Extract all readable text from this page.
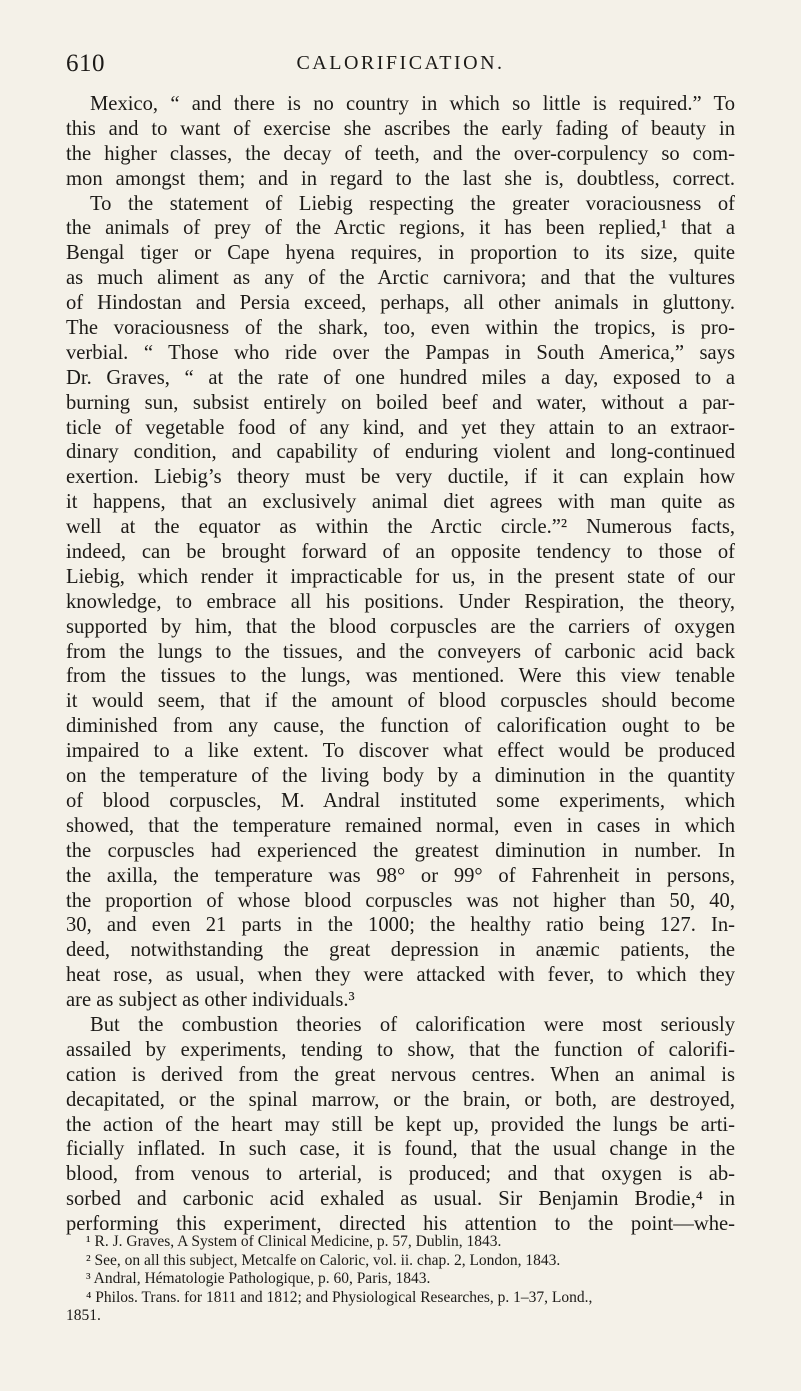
610	CALORIFICATION.
Mexico, “ and there is no country in which so little is required.” To
this and to want of exercise she ascribes the early fading of beauty in
the higher classes, the decay of teeth, and the over-corpulency so com-
mon amongst them; and in regard to the last she is, doubtless, correct.
To the statement of Liebig respecting the greater voraciousness of
the animals of prey of the Arctic regions, it has been replied,¹ that a
Bengal tiger or Cape hyena requires, in proportion to its size, quite
as much aliment as any of the Arctic carnivora; and that the vultures
of Hindostan and Persia exceed, perhaps, all other animals in gluttony.
The voraciousness of the shark, too, even within the tropics, is pro-
verbial. “ Those who ride over the Pampas in South America,” says
Dr. Graves, “ at the rate of one hundred miles a day, exposed to a
burning sun, subsist entirely on boiled beef and water, without a par-
ticle of vegetable food of any kind, and yet they attain to an extraor-
dinary condition, and capability of enduring violent and long-continued
exertion. Liebig’s theory must be very ductile, if it can explain how
it happens, that an exclusively animal diet agrees with man quite as
well at the equator as within the Arctic circle.”² Numerous facts,
indeed, can be brought forward of an opposite tendency to those of
Liebig, which render it impracticable for us, in the present state of our
knowledge, to embrace all his positions. Under Respiration, the theory,
supported by him, that the blood corpuscles are the carriers of oxygen
from the lungs to the tissues, and the conveyers of carbonic acid back
from the tissues to the lungs, was mentioned. Were this view tenable
it would seem, that if the amount of blood corpuscles should become
diminished from any cause, the function of calorification ought to be
impaired to a like extent. To discover what effect would be produced
on the temperature of the living body by a diminution in the quantity
of blood corpuscles, M. Andral instituted some experiments, which
showed, that the temperature remained normal, even in cases in which
the corpuscles had experienced the greatest diminution in number. In
the axilla, the temperature was 98° or 99° of Fahrenheit in persons,
the proportion of whose blood corpuscles was not higher than 50, 40,
30, and even 21 parts in the 1000; the healthy ratio being 127. In-
deed, notwithstanding the great depression in anæmic patients, the
heat rose, as usual, when they were attacked with fever, to which they
are as subject as other individuals.³
But the combustion theories of calorification were most seriously
assailed by experiments, tending to show, that the function of calorifi-
cation is derived from the great nervous centres. When an animal is
decapitated, or the spinal marrow, or the brain, or both, are destroyed,
the action of the heart may still be kept up, provided the lungs be arti-
ficially inflated. In such case, it is found, that the usual change in the
blood, from venous to arterial, is produced; and that oxygen is ab-
sorbed and carbonic acid exhaled as usual. Sir Benjamin Brodie,⁴ in
performing this experiment, directed his attention to the point—whe-
¹ R. J. Graves, A System of Clinical Medicine, p. 57, Dublin, 1843.
² See, on all this subject, Metcalfe on Caloric, vol. ii. chap. 2, London, 1843.
³ Andral, Hématologie Pathologique, p. 60, Paris, 1843.
⁴ Philos. Trans. for 1811 and 1812; and Physiological Researches, p. 1–37, Lond.,
1851.
